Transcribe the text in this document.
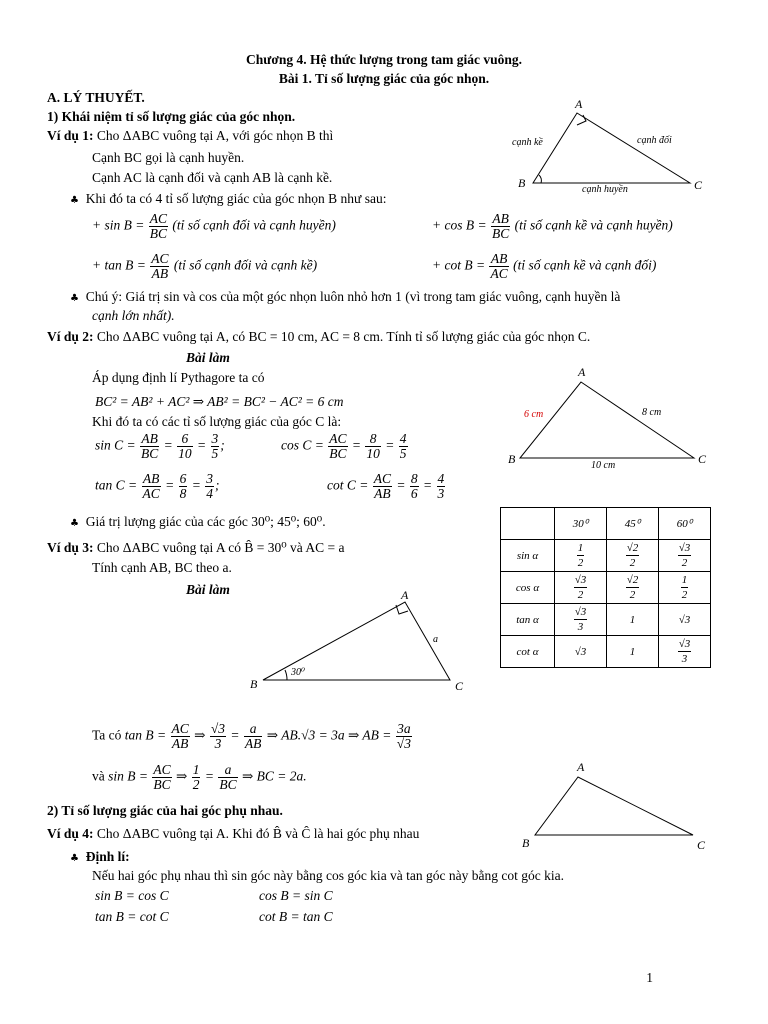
Chương 4. Hệ thức lượng trong tam giác vuông.
Bài 1. Tỉ số lượng giác của góc nhọn.
A. LÝ THUYẾT.
1) Khái niệm tỉ số lượng giác của góc nhọn.
Ví dụ 1: Cho ΔABC vuông tại A, với góc nhọn B thì
Cạnh BC gọi là cạnh huyền.
Cạnh AC là cạnh đối và cạnh AB là cạnh kề.
♣ Khi đó ta có 4 tỉ số lượng giác của góc nhọn B như sau:
+ $\sin B = \frac{AC}{BC}$ (tỉ số cạnh đối và cạnh huyền)	+ $\cos B = \frac{AB}{BC}$ (tỉ số cạnh kề và cạnh huyền)
+ $\tan B = \frac{AC}{AB}$ (tỉ số cạnh đối và cạnh kề)	+ $\cot B = \frac{AB}{AC}$ (tỉ số cạnh kề và cạnh đối)
♣ Chú ý: Giá trị sin và cos của một góc nhọn luôn nhỏ hơn 1 (vì trong tam giác vuông, cạnh huyền là
cạnh lớn nhất).
A
B	C
cạnh kề	cạnh đối
cạnh huyền
Ví dụ 2: Cho ΔABC vuông tại A, có BC = 10 cm, AC = 8 cm. Tính tỉ số lượng giác của góc nhọn C.
Bài làm
Áp dụng định lí Pythagore ta có
BC² = AB² + AC² ⇒ AB² = BC² − AC² = 6 cm
Khi đó ta có các tỉ số lượng giác của góc C là:
$\sin C = \frac{AB}{BC} = \frac{6}{10} = \frac{3}{5}$ ;	$\cos C = \frac{AC}{BC} = \frac{8}{10} = \frac{4}{5}$
$\tan C = \frac{AB}{AC} = \frac{6}{8} = \frac{3}{4}$ ;	$\cot C = \frac{AC}{AB} = \frac{8}{6} = \frac{4}{3}$
♣ Giá trị lượng giác của các góc 30⁰; 45⁰; 60⁰.
A
B	C
6 cm	8 cm
10 cm
	30⁰	45⁰	60⁰
sin α	$\frac{1}{2}$	$\frac{√2}{2}$	$\frac{√3}{2}$

cos α	$\frac{√3}{2}$	$\frac{√2}{2}$	$\frac{1}{2}$

tan α	$\frac{√3}{3}$	1	√3
cot α	√3	1	$\frac{√3}{3}$
Ví dụ 3: Cho ΔABC vuông tại A có B̂ = 30⁰ và AC = a
Tính cạnh AB, BC theo a.
Bài làm	A
B	C
a
30⁰
Ta có $\tan B = \frac{AC}{AB}$ ⇒ $\frac{√3}{3} = \frac{a}{AB}$ ⇒ AB.√3 = 3a ⇒ AB = $\frac{3a}{√3}$
và $\sin B = \frac{AC}{BC}$ ⇒ $\frac{1}{2} = \frac{a}{BC}$ ⇒ BC = 2a.
2) Tỉ số lượng giác của hai góc phụ nhau.
Ví dụ 4: Cho ΔABC vuông tại A. Khi đó B̂ và Ĉ là hai góc phụ nhau
♣ Định lí:
Nếu hai góc phụ nhau thì sin góc này bằng cos góc kia và tan góc này bằng cot góc kia.
sin B = cos C	cos B = sin C
tan B = cot C	cot B = tan C
A
B	C
1
